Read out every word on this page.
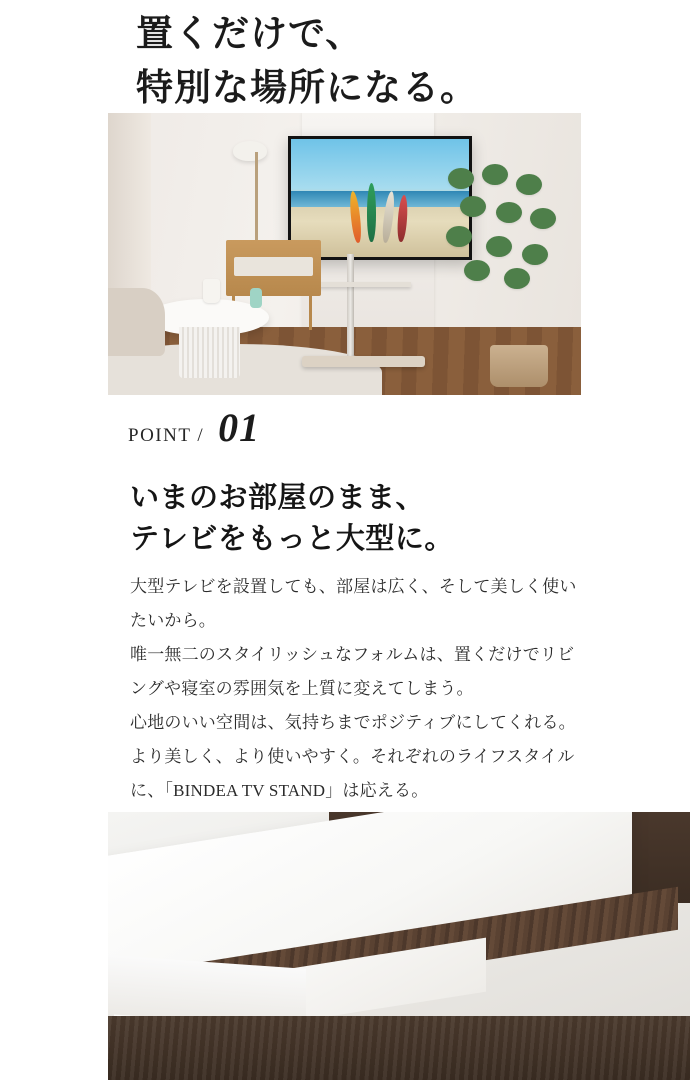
置くだけで、
特別な場所になる。
POINT / 01
いまのお部屋のまま、
テレビをもっと大型に。

大型テレビを設置しても、部屋は広く、そして美しく使いたいから。

唯一無二のスタイリッシュなフォルムは、置くだけでリビングや寝室の雰囲気を上質に変えてしまう。

心地のいい空間は、気持ちまでポジティブにしてくれる。

より美しく、より使いやすく。それぞれのライフスタイルに、「BINDEA TV STAND」は応える。
